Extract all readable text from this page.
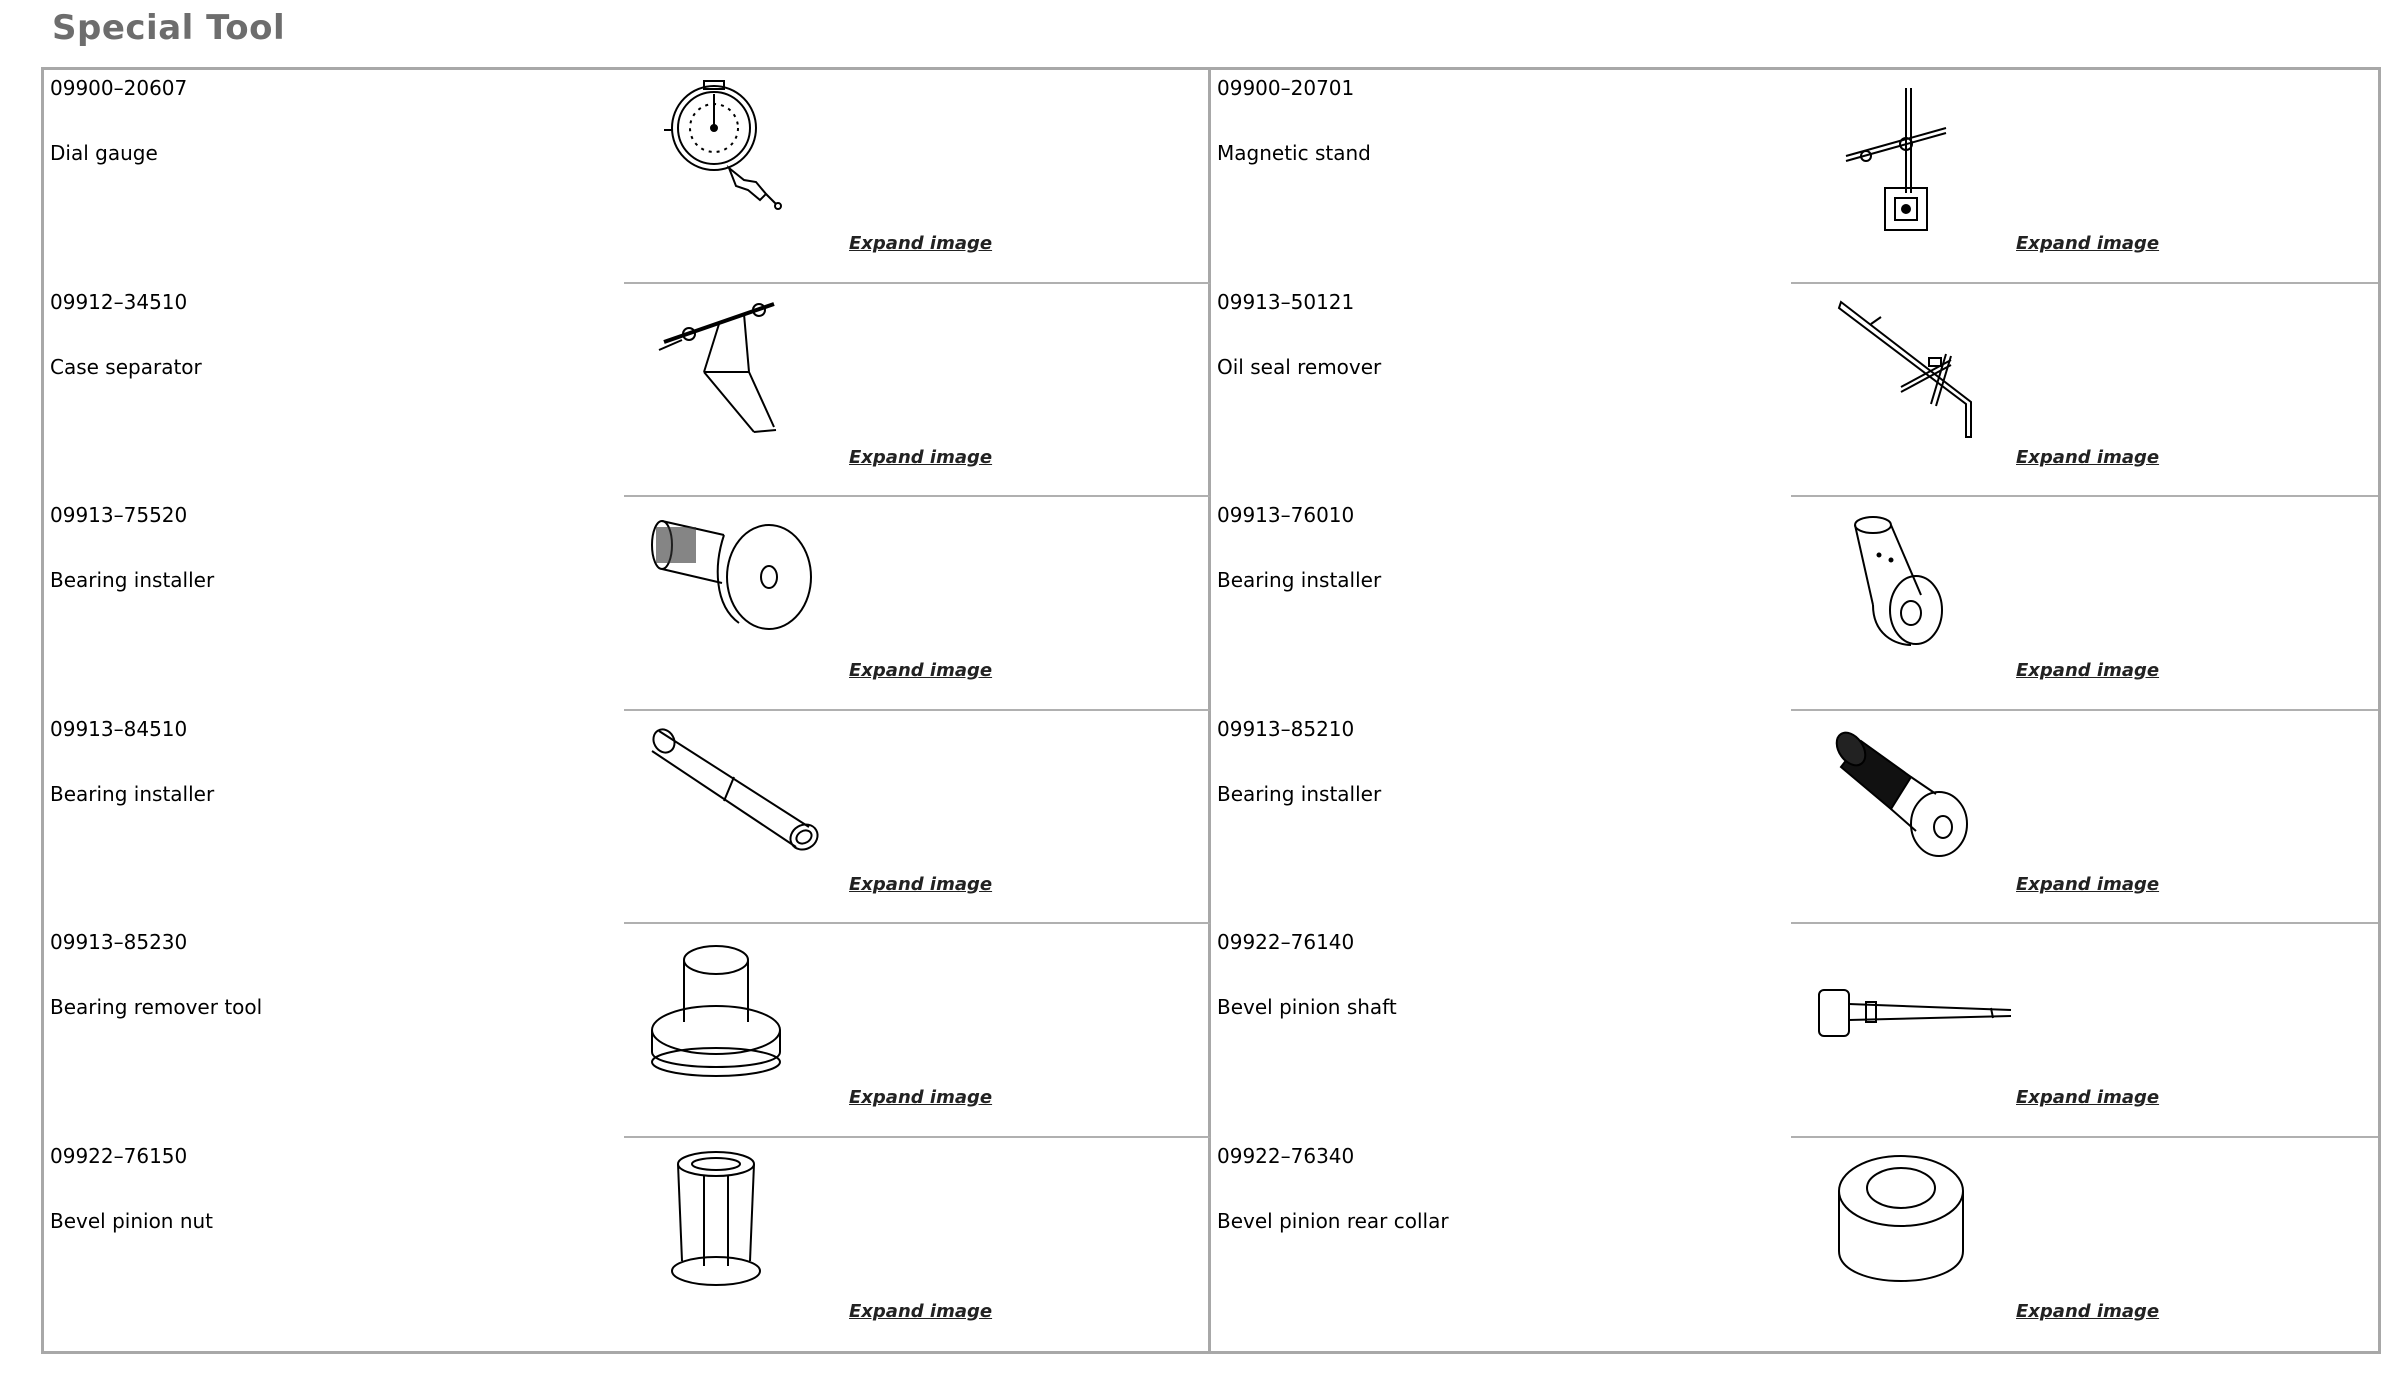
Special Tool
09900–20607
Dial gauge
Expand image
09900–20701
Magnetic stand
Expand image
09912–34510
Case separator
Expand image
09913–50121
Oil seal remover
Expand image
09913–75520
Bearing installer
Expand image
09913–76010
Bearing installer
Expand image
09913–84510
Bearing installer
Expand image
09913–85210
Bearing installer
Expand image
09913–85230
Bearing remover tool
Expand image
09922–76140
Bevel pinion shaft
Expand image
09922–76150
Bevel pinion nut
Expand image
09922–76340
Bevel pinion rear collar
Expand image
